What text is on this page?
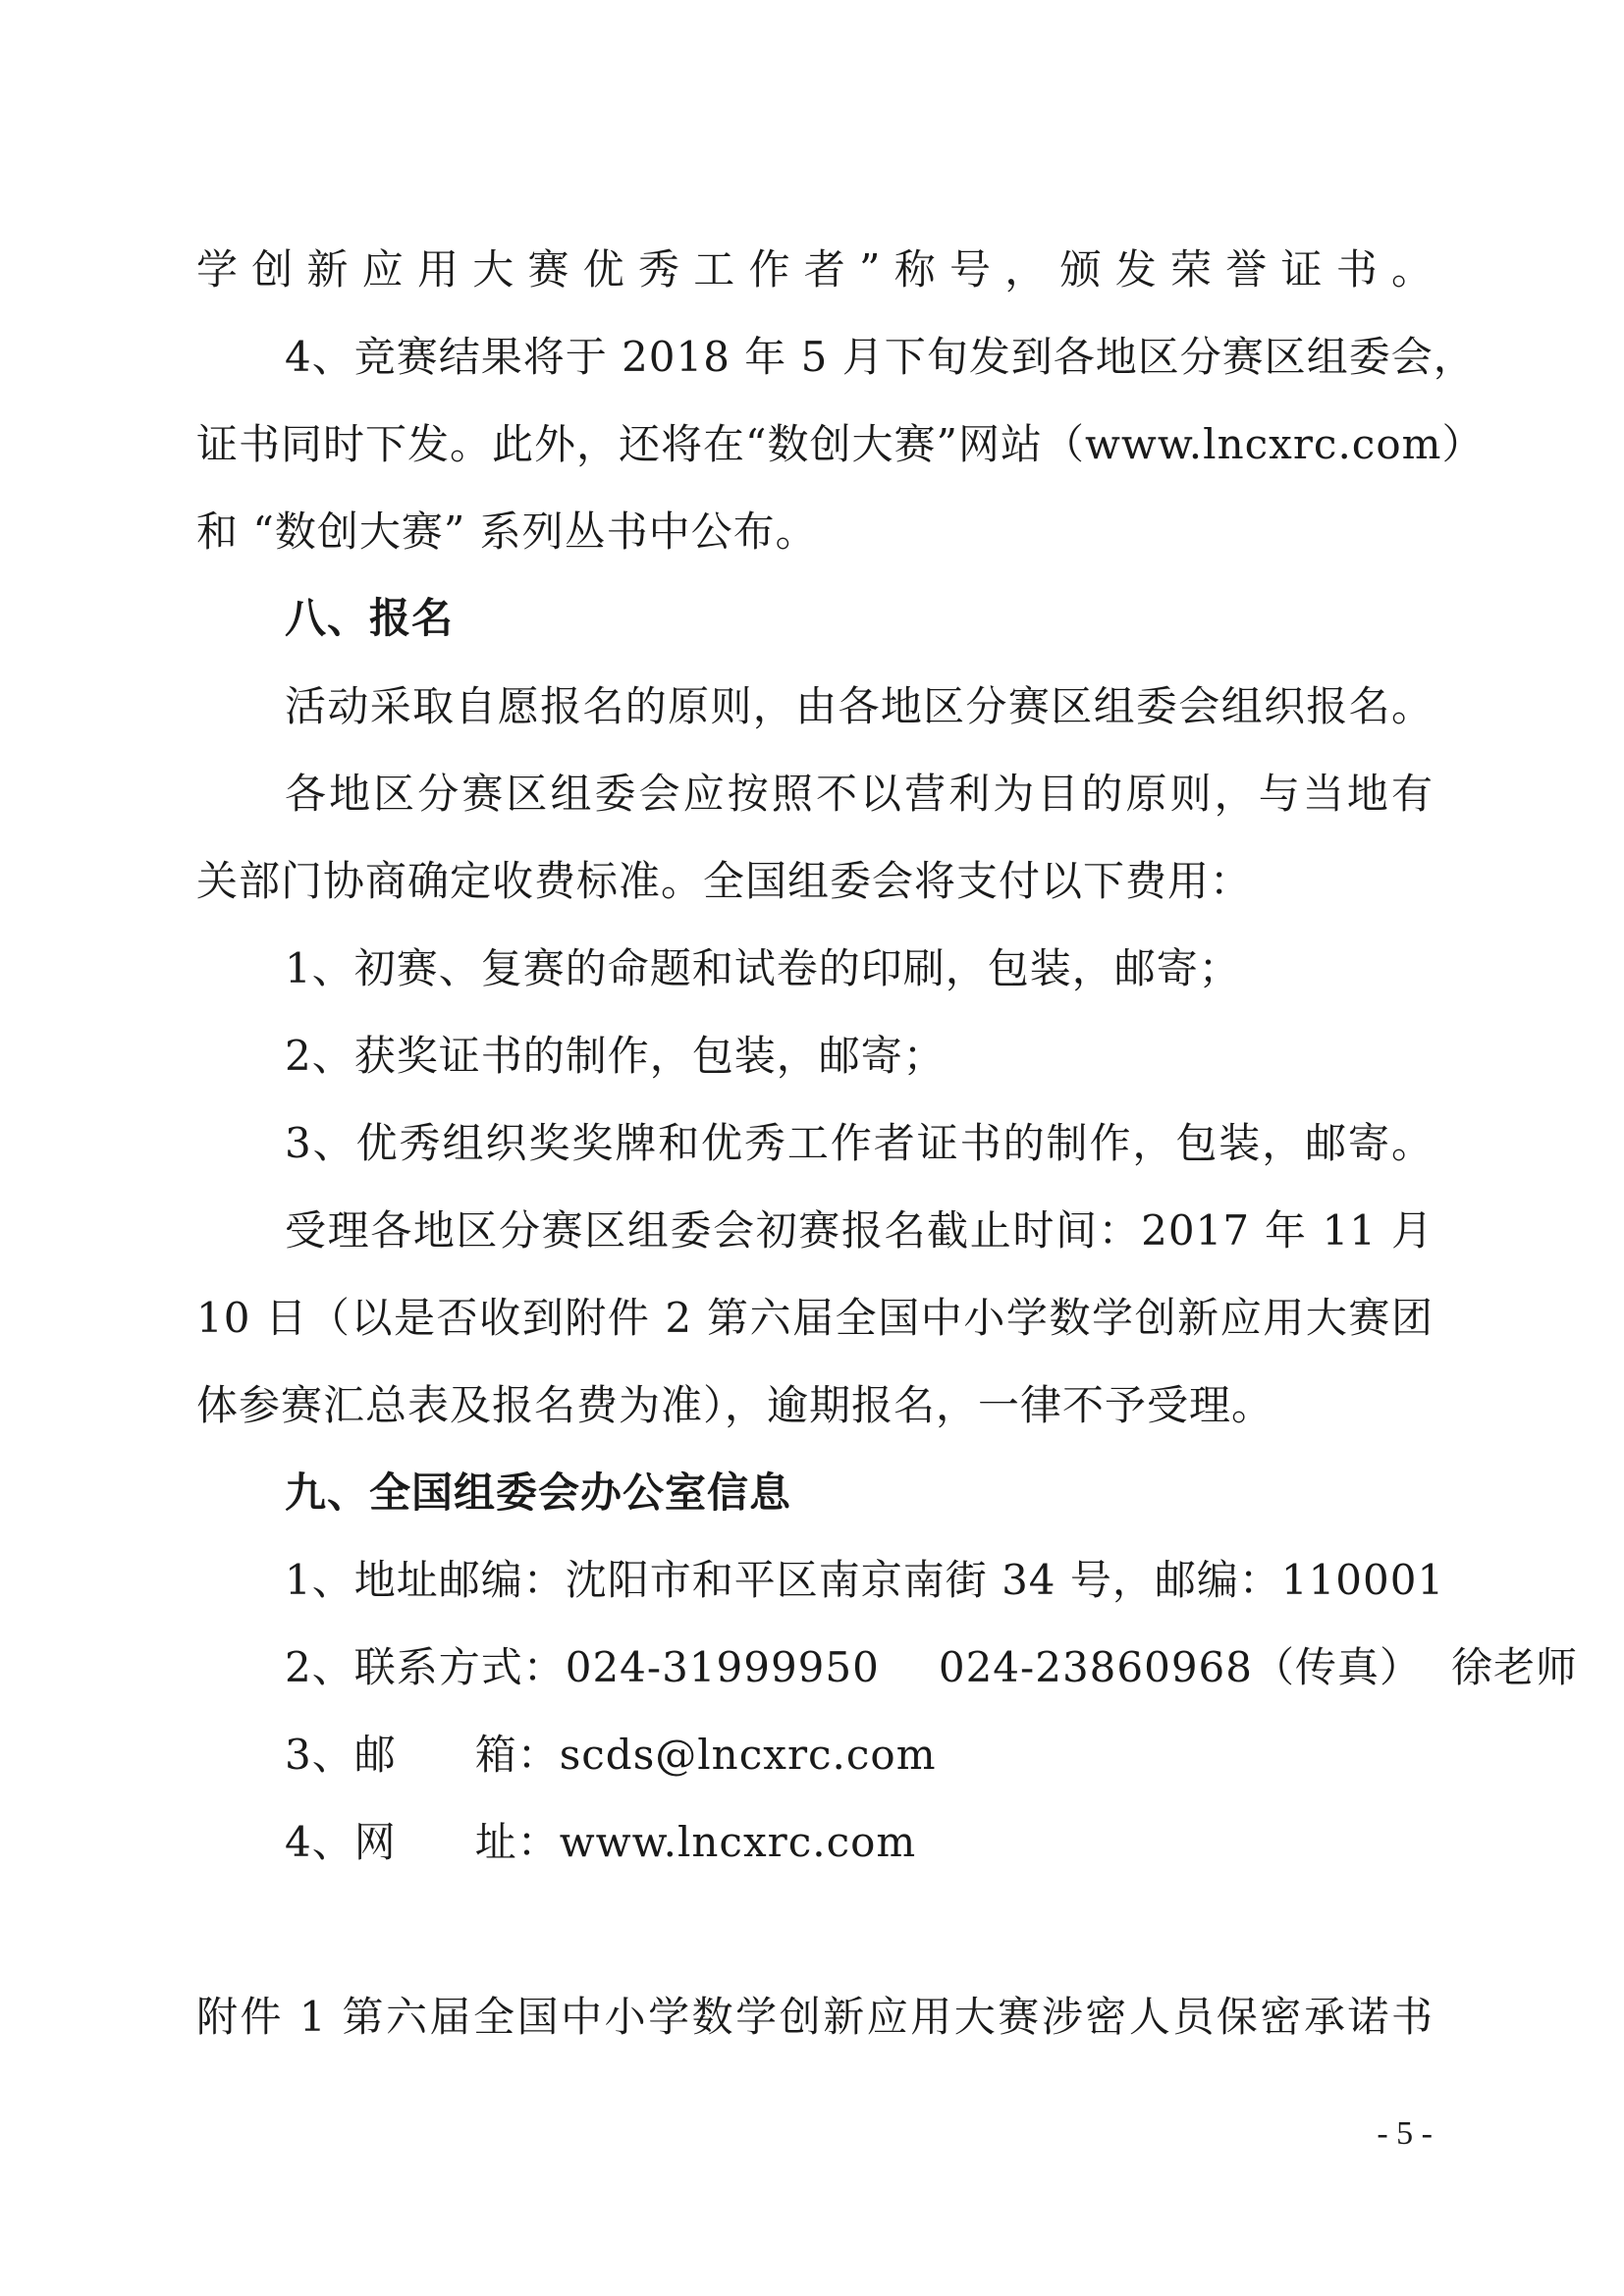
学创新应用大赛优秀工作者”称号，颁发荣誉证书。
4、竞赛结果将于 2018 年 5 月下旬发到各地区分赛区组委会，
证书同时下发。此外，还将在“数创大赛”网站（www.lncxrc.com）
和 “数创大赛” 系列丛书中公布。
八、报名
活动采取自愿报名的原则，由各地区分赛区组委会组织报名。
各地区分赛区组委会应按照不以营利为目的原则，与当地有
关部门协商确定收费标准。全国组委会将支付以下费用：
1、初赛、复赛的命题和试卷的印刷，包装，邮寄；
2、获奖证书的制作，包装，邮寄；
3、优秀组织奖奖牌和优秀工作者证书的制作，包装，邮寄。
受理各地区分赛区组委会初赛报名截止时间：2017 年 11 月
10 日（以是否收到附件 2 第六届全国中小学数学创新应用大赛团
体参赛汇总表及报名费为准），逾期报名，一律不予受理。
九、全国组委会办公室信息
1、地址邮编：沈阳市和平区南京南街 34 号，邮编：110001
2、联系方式：024-31999950 024-23860968（传真） 徐老师
3、邮 箱：scds@lncxrc.com
4、网 址：www.lncxrc.com
附件 1 第六届全国中小学数学创新应用大赛涉密人员保密承诺书
- 5 -
